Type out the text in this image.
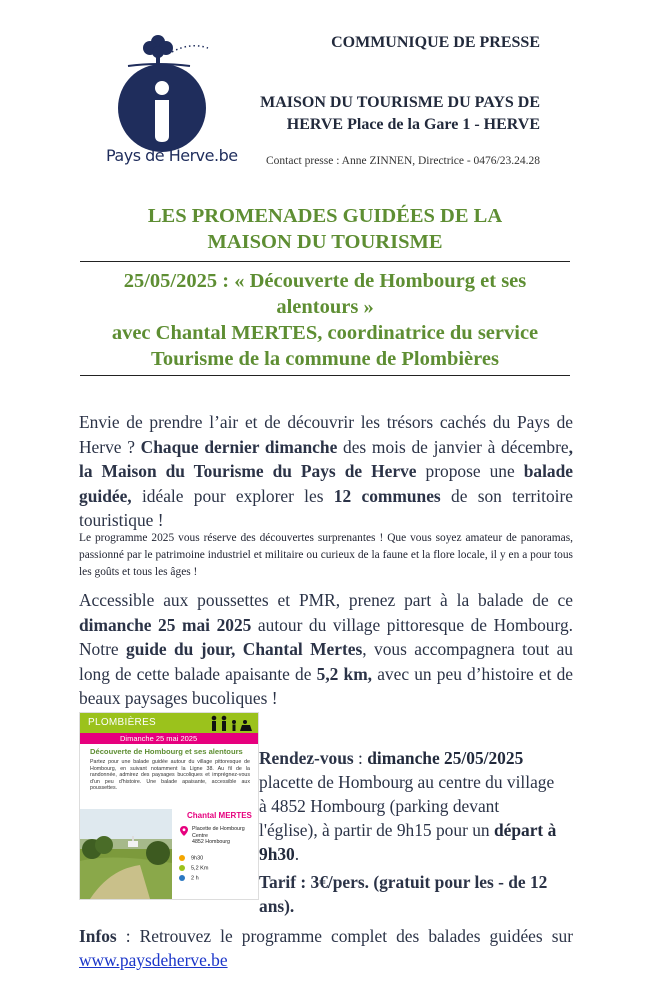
Pays de Herve.be
COMMUNIQUE DE PRESSE
MAISON DU TOURISME DU PAYS DE
HERVE Place de la Gare 1 - HERVE
Contact presse : Anne ZINNEN, Directrice - 0476/23.24.28
LES PROMENADES GUIDÉES DE LA
MAISON DU TOURISME
25/05/2025 : « Découverte de Hombourg et ses
alentours »
avec Chantal MERTES, coordinatrice du service
Tourisme de la commune de Plombières
Envie de prendre l’air et de découvrir les trésors cachés du Pays de Herve ? Chaque dernier dimanche des mois de janvier à décembre, la Maison du Tourisme du Pays de Herve propose une balade guidée, idéale pour explorer les 12 communes de son territoire touristique !
Le programme 2025 vous réserve des découvertes surprenantes ! Que vous soyez amateur de panoramas, passionné par le patrimoine industriel et militaire ou curieux de la faune et la flore locale, il y en a pour tous les goûts et tous les âges !
Accessible aux poussettes et PMR, prenez part à la balade de ce dimanche 25 mai 2025 autour du village pittoresque de Hombourg. Notre guide du jour, Chantal Mertes, vous accompagnera tout au long de cette balade apaisante de 5,2 km, avec un peu d’histoire et de beaux paysages bucoliques !
PLOMBIÈRES
Dimanche 25 mai 2025
Découverte de Hombourg et ses alentours
Partez pour une balade guidée autour du village pittoresque de Hombourg, en suivant notamment la Ligne 38. Au fil de la randonnée, admirez des paysages bucoliques et imprégnez-vous d'un peu d'histoire. Une balade apaisante, accessible aux poussettes.
Chantal MERTES
Placette de Hombourg
Centre
4852 Hombourg
9h30
5,2 Km
2 h
Rendez-vous : dimanche 25/05/2025 placette de Hombourg au centre du village à 4852 Hombourg (parking devant l'église), à partir de 9h15 pour un départ à 9h30.
Tarif : 3€/pers. (gratuit pour les - de 12 ans).
Infos : Retrouvez le programme complet des balades guidées sur www.paysdeherve.be
